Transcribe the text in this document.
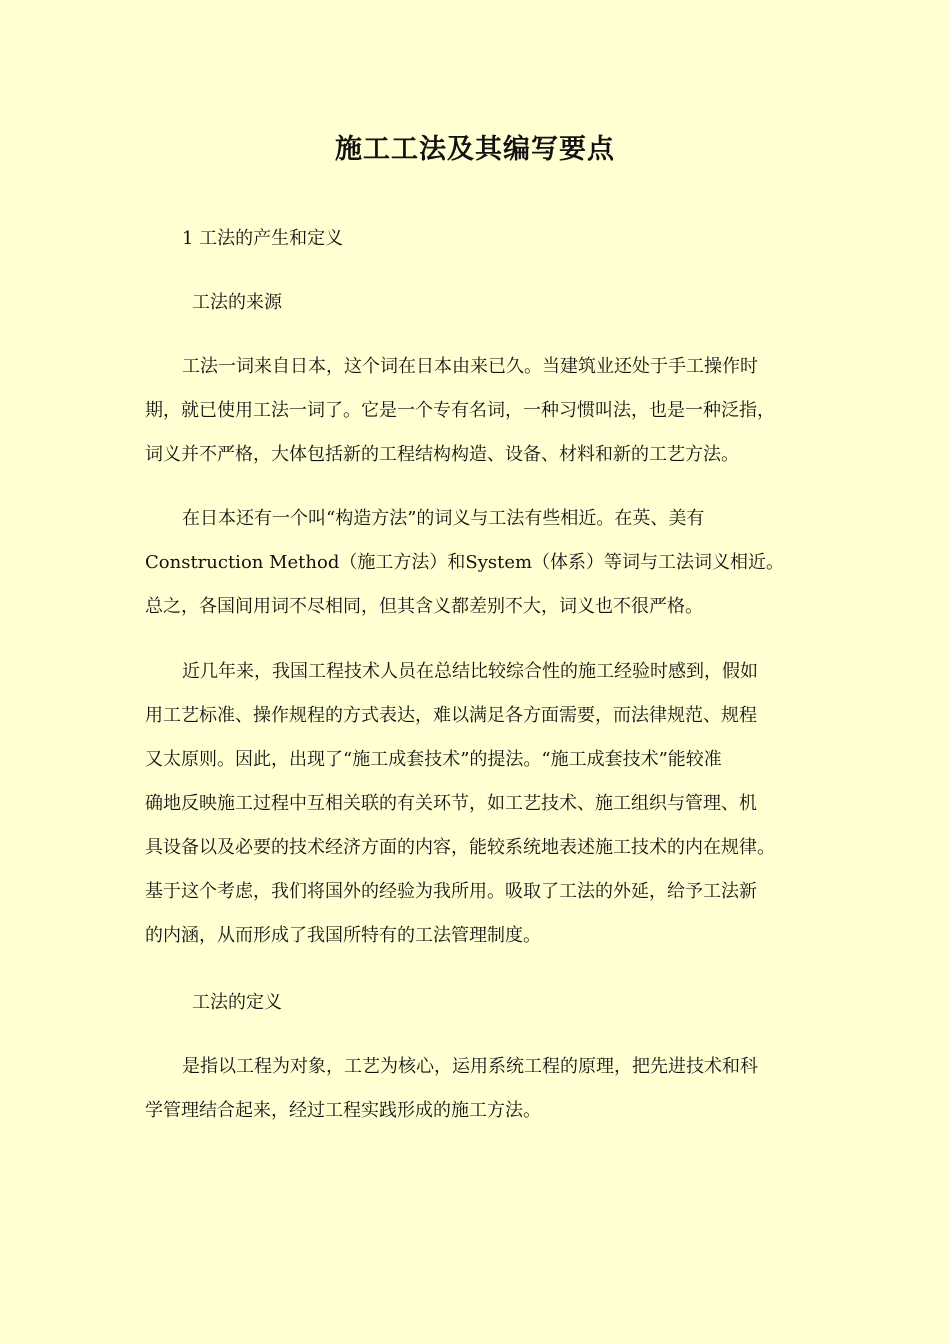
施工工法及其编写要点
1 工法的产生和定义
工法的来源
工法一词来自日本，这个词在日本由来已久。当建筑业还处于手工操作时
期，就已使用工法一词了。它是一个专有名词，一种习惯叫法，也是一种泛指，
词义并不严格，大体包括新的工程结构构造、设备、材料和新的工艺方法。
在日本还有一个叫“构造方法”的词义与工法有些相近。在英、美有
Construction Method（施工方法）和System（体系）等词与工法词义相近。
总之，各国间用词不尽相同，但其含义都差别不大，词义也不很严格。
近几年来，我国工程技术人员在总结比较综合性的施工经验时感到，假如
用工艺标准、操作规程的方式表达，难以满足各方面需要，而法律规范、规程
又太原则。因此，出现了“施工成套技术”的提法。“施工成套技术”能较准
确地反映施工过程中互相关联的有关环节，如工艺技术、施工组织与管理、机
具设备以及必要的技术经济方面的内容，能较系统地表述施工技术的内在规律。
基于这个考虑，我们将国外的经验为我所用。吸取了工法的外延，给予工法新
的内涵，从而形成了我国所特有的工法管理制度。
工法的定义
是指以工程为对象，工艺为核心，运用系统工程的原理，把先进技术和科
学管理结合起来，经过工程实践形成的施工方法。
